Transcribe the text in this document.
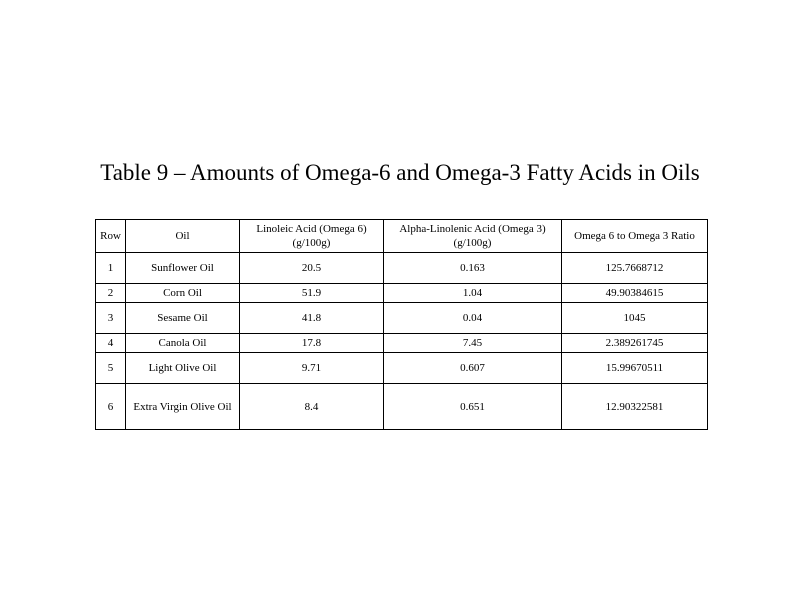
Table 9 – Amounts of Omega-6 and Omega-3 Fatty Acids in Oils
Row	Oil	Linoleic Acid (Omega 6) (g/100g)	Alpha-Linolenic Acid (Omega 3) (g/100g)	Omega 6 to Omega 3 Ratio
1	Sunflower Oil	20.5	0.163	125.7668712
2	Corn Oil	51.9	1.04	49.90384615
3	Sesame Oil	41.8	0.04	1045
4	Canola Oil	17.8	7.45	2.389261745
5	Light Olive Oil	9.71	0.607	15.99670511
6	Extra Virgin Olive Oil	8.4	0.651	12.90322581
